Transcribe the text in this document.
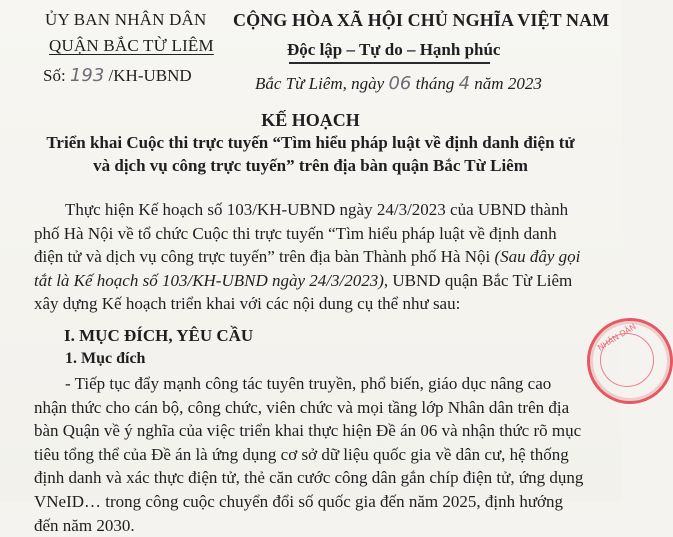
ỦY BAN NHÂN DÂN
QUẬN BẮC TỪ LIÊM
Số: 193 /KH-UBND
CỘNG HÒA XÃ HỘI CHỦ NGHĨA VIỆT NAM
Độc lập – Tự do – Hạnh phúc
Bắc Từ Liêm, ngày 06 tháng 4 năm 2023
KẾ HOẠCH
Triển khai Cuộc thi trực tuyến “Tìm hiểu pháp luật về định danh điện tử
và dịch vụ công trực tuyến” trên địa bàn quận Bắc Từ Liêm
Thực hiện Kế hoạch số 103/KH-UBND ngày 24/3/2023 của UBND thành
phố Hà Nội về tổ chức Cuộc thi trực tuyến “Tìm hiểu pháp luật về định danh
điện tử và dịch vụ công trực tuyến” trên địa bàn Thành phố Hà Nội (Sau đây gọi
tắt là Kế hoạch số 103/KH-UBND ngày 24/3/2023), UBND quận Bắc Từ Liêm
xây dựng Kế hoạch triển khai với các nội dung cụ thể như sau:
I. MỤC ĐÍCH, YÊU CẦU
1. Mục đích
- Tiếp tục đẩy mạnh công tác tuyên truyền, phổ biến, giáo dục nâng cao
nhận thức cho cán bộ, công chức, viên chức và mọi tầng lớp Nhân dân trên địa
bàn Quận về ý nghĩa của việc triển khai thực hiện Đề án 06 và nhận thức rõ mục
tiêu tổng thể của Đề án là ứng dụng cơ sở dữ liệu quốc gia về dân cư, hệ thống
định danh và xác thực điện tử, thẻ căn cước công dân gắn chíp điện tử, ứng dụng
VNeID… trong công cuộc chuyển đổi số quốc gia đến năm 2025, định hướng
đến năm 2030.
NHÂN DÂN
